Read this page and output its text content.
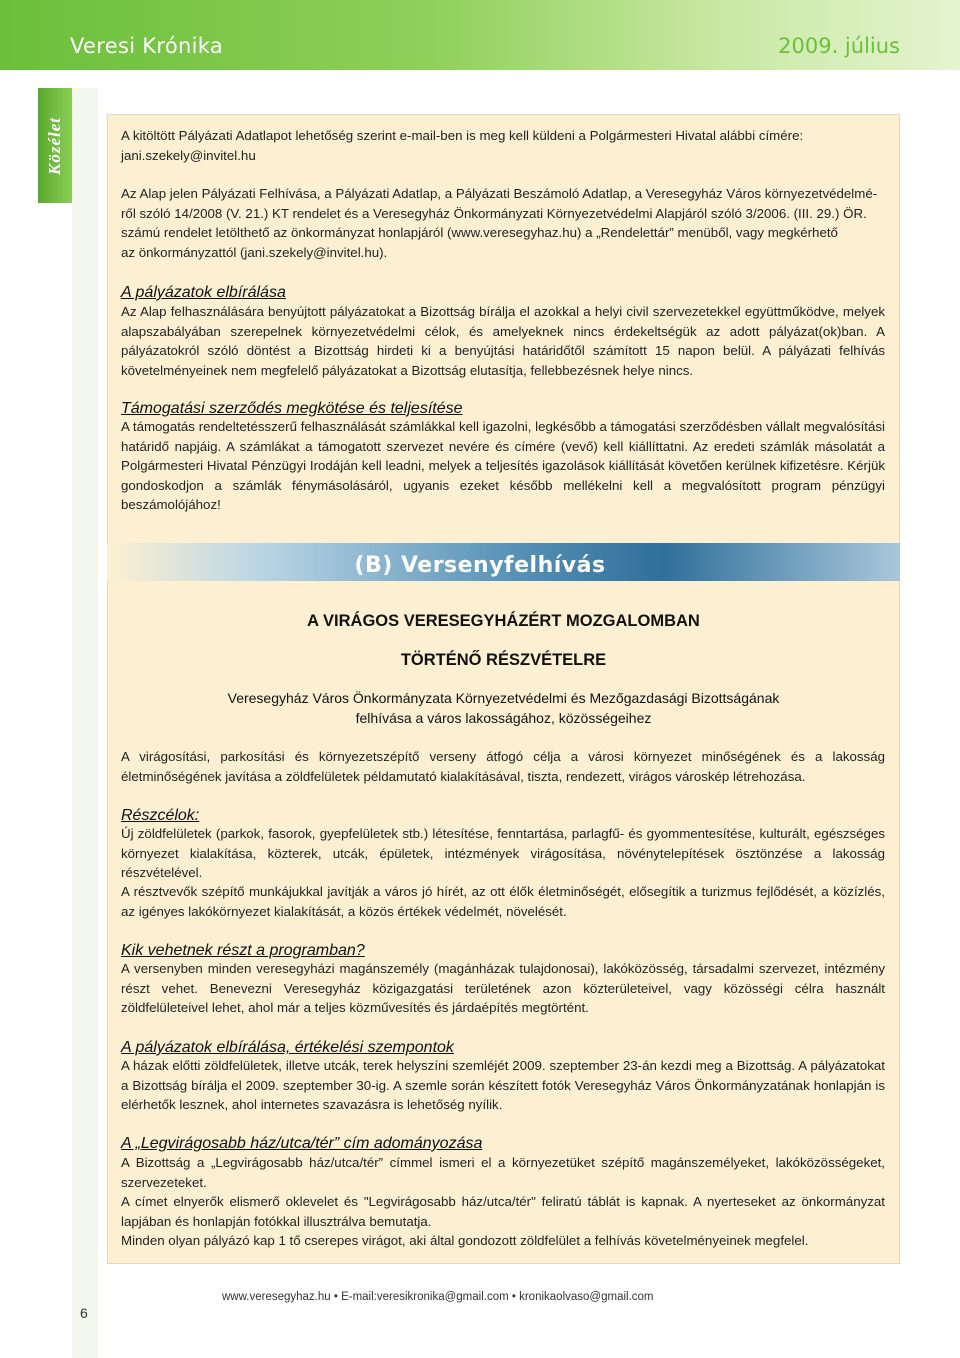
Veresi Krónika	2009. július
Közélet	A kitöltött Pályázati Adatlapot lehetőség szerint e-mail-ben is meg kell küldeni a Polgármesteri Hivatal alábbi címére:
jani.szekely@invitel.hu

Az Alap jelen Pályázati Felhívása, a Pályázati Adatlap, a Pályázati Beszámoló Adatlap, a Veresegyház Város környezetvédelmé-
ről szóló 14/2008 (V. 21.) KT rendelet és a Veresegyház Önkormányzati Környezetvédelmi Alapjáról szóló 3/2006. (III. 29.) ÖR.
számú rendelet letölthető az önkormányzat honlapjáról (www.veresegyhaz.hu) a „Rendelettár” menüből, vagy megkérhető
az önkormányzattól (jani.szekely@invitel.hu).

A pályázatok elbírálása

Az Alap felhasználására benyújtott pályázatokat a Bizottság bírálja el azokkal a helyi civil szervezetekkel együttműködve, melyek alapszabályában szerepelnek környezetvédelmi célok, és amelyeknek nincs érdekeltségük az adott pályázat(ok)ban. A pályázatokról szóló döntést a Bizottság hirdeti ki a benyújtási határidőtől számított 15 napon belül. A pályázati felhívás követelményeinek nem megfelelő pályázatokat a Bizottság elutasítja, fellebbezésnek helye nincs.

Támogatási szerződés megkötése és teljesítése

A támogatás rendeltetésszerű felhasználását számlákkal kell igazolni, legkésőbb a támogatási szerződésben vállalt megvalósítási határidő napjáig. A számlákat a támogatott szervezet nevére és címére (vevő) kell kiállíttatni. Az eredeti számlák másolatát a Polgármesteri Hivatal Pénzügyi Irodáján kell leadni, melyek a teljesítés igazolások kiállítását követően kerülnek kifizetésre. Kérjük gondoskodjon a számlák fénymásolásáról, ugyanis ezeket később mellékelni kell a megvalósított program pénzügyi beszámolójához!

(B) Versenyfelhívás

A VIRÁGOS VERESEGYHÁZÉRT MOZGALOMBAN

TÖRTÉNŐ RÉSZVÉTELRE

Veresegyház Város Önkormányzata Környezetvédelmi és Mezőgazdasági Bizottságának
felhívása a város lakosságához, közösségeihez

A virágosítási, parkosítási és környezetszépítő verseny átfogó célja a városi környezet minőségének és a lakosság életminőségének javítása a zöldfelületek példamutató kialakításával, tiszta, rendezett, virágos városkép létrehozása.

Részcélok:

Új zöldfelületek (parkok, fasorok, gyepfelületek stb.) létesítése, fenntartása, parlagfű- és gyommentesítése, kulturált, egészséges környezet kialakítása, közterek, utcák, épületek, intézmények virágosítása, növénytelepítések ösztönzése a lakosság részvételével.

A résztvevők szépítő munkájukkal javítják a város jó hírét, az ott élők életminőségét, elősegítik a turizmus fejlődését, a közízlés, az igényes lakókörnyezet kialakítását, a közös értékek védelmét, növelését.

Kik vehetnek részt a programban?

A versenyben minden veresegyházi magánszemély (magánházak tulajdonosai), lakóközösség, társadalmi szervezet, intézmény részt vehet. Benevezni Veresegyház közigazgatási területének azon közterületeivel, vagy közösségi célra használt zöldfelületeivel lehet, ahol már a teljes közművesítés és járdaépítés megtörtént.

A pályázatok elbírálása, értékelési szempontok

A házak előtti zöldfelületek, illetve utcák, terek helyszíni szemléjét 2009. szeptember 23-án kezdi meg a Bizottság. A pályázatokat a Bizottság bírálja el 2009. szeptember 30-ig. A szemle során készített fotók Veresegyház Város Önkormányzatának honlapján is elérhetők lesznek, ahol internetes szavazásra is lehetőség nyílik.

A „Legvirágosabb ház/utca/tér” cím adományozása

A Bizottság a „Legvirágosabb ház/utca/tér” címmel ismeri el a környezetüket szépítő magánszemélyeket, lakóközösségeket, szervezeteket.

A címet elnyerők elismerő oklevelet és "Legvirágosabb ház/utca/tér" feliratú táblát is kapnak. A nyerteseket az önkormányzat lapjában és honlapján fotókkal illusztrálva bemutatja.

Minden olyan pályázó kap 1 tő cserepes virágot, aki által gondozott zöldfelület a felhívás követelményeinek megfelel.

www.veresegyhaz.hu • E-mail:veresikronika@gmail.com • kronikaolvaso@gmail.com
6
